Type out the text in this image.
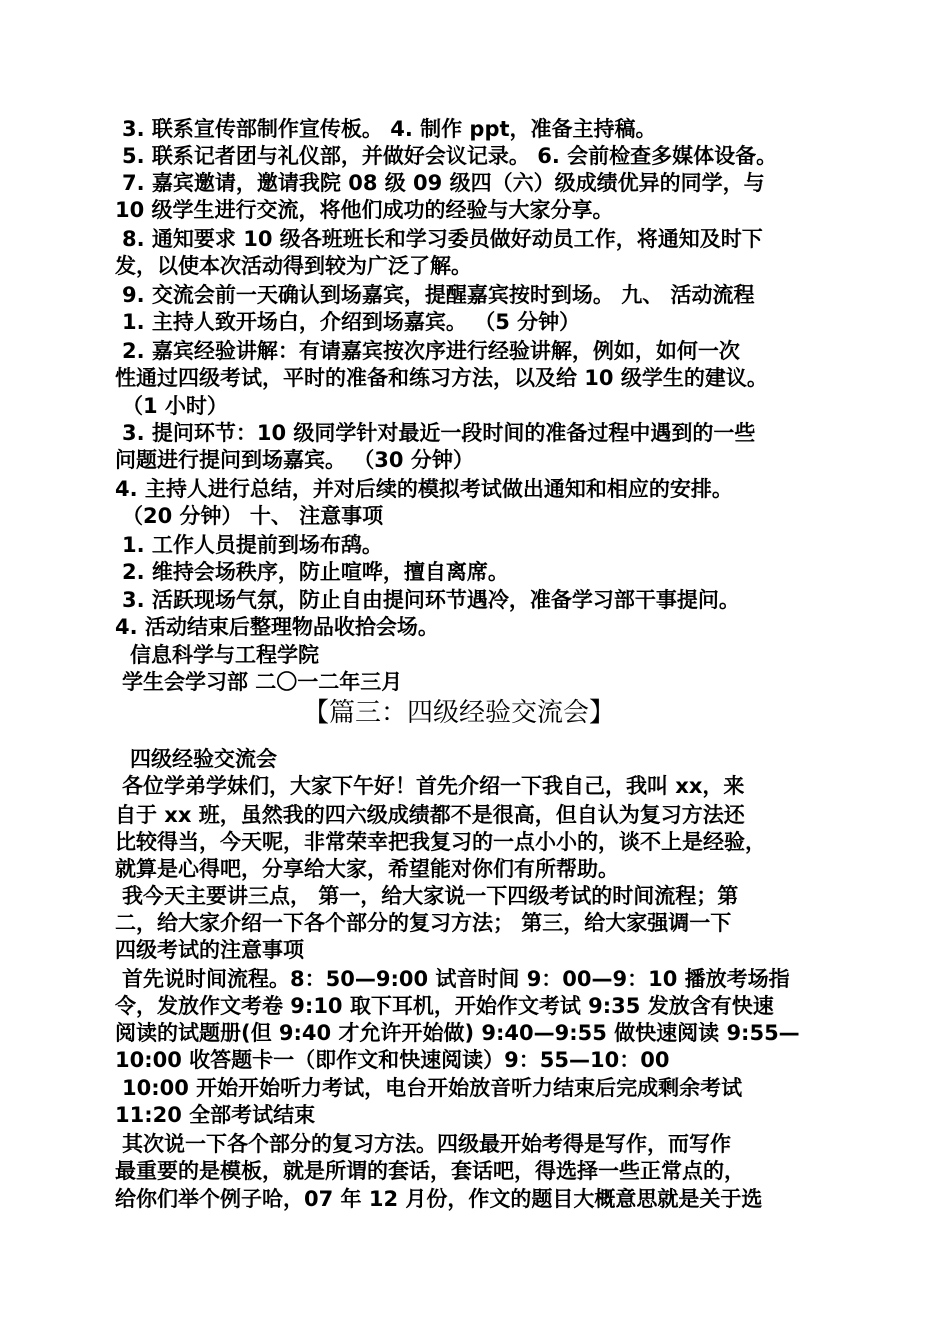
3. 联系宣传部制作宣传板。 4. 制作 ppt，准备主持稿。
5. 联系记者团与礼仪部，并做好会议记录。 6. 会前检查多媒体设备。
7. 嘉宾邀请，邀请我院 08 级 09 级四（六）级成绩优异的同学，与
10 级学生进行交流，将他们成功的经验与大家分享。
8. 通知要求 10 级各班班长和学习委员做好动员工作，将通知及时下
发，以使本次活动得到较为广泛了解。
9. 交流会前一天确认到场嘉宾，提醒嘉宾按时到场。 九、 活动流程
1. 主持人致开场白，介绍到场嘉宾。 （5 分钟）
2. 嘉宾经验讲解：有请嘉宾按次序进行经验讲解，例如，如何一次
性通过四级考试，平时的准备和练习方法，以及给 10 级学生的建议。
（1 小时）
3. 提问环节：10 级同学针对最近一段时间的准备过程中遇到的一些
问题进行提问到场嘉宾。 （30 分钟）
4. 主持人进行总结，并对后续的模拟考试做出通知和相应的安排。
（20 分钟） 十、 注意事项
1. 工作人员提前到场布鸹。
2. 维持会场秩序，防止喧哗，擅自离席。
3. 活跃现场气氛，防止自由提问环节遇冷，准备学习部干事提问。
4. 活动结束后整理物品收拾会场。
信息科学与工程学院
学生会学习部 二〇一二年三月
【篇三：四级经验交流会】
四级经验交流会
各位学弟学妹们，大家下午好！首先介绍一下我自己，我叫 xx，来
自于 xx 班，虽然我的四六级成绩都不是很高，但自认为复习方法还
比较得当，今天呢，非常荣幸把我复习的一点小小的，谈不上是经验，
就算是心得吧，分享给大家，希望能对你们有所帮助。
我今天主要讲三点， 第一，给大家说一下四级考试的时间流程；第
二，给大家介绍一下各个部分的复习方法； 第三，给大家强调一下
四级考试的注意事项
首先说时间流程。8：50—9:00 试音时间 9：00—9：10 播放考场指
令，发放作文考卷 9:10 取下耳机，开始作文考试 9:35 发放含有快速
阅读的试题册(但 9:40 才允许开始做) 9:40—9:55 做快速阅读 9:55—
10:00 收答题卡一（即作文和快速阅读）9：55—10：00
10:00 开始开始听力考试，电台开始放音听力结束后完成剩余考试
11:20 全部考试结束
其次说一下各个部分的复习方法。四级最开始考得是写作，而写作
最重要的是模板，就是所谓的套话，套话吧，得选择一些正常点的，
给你们举个例子哈，07 年 12 月份，作文的题目大概意思就是关于选
